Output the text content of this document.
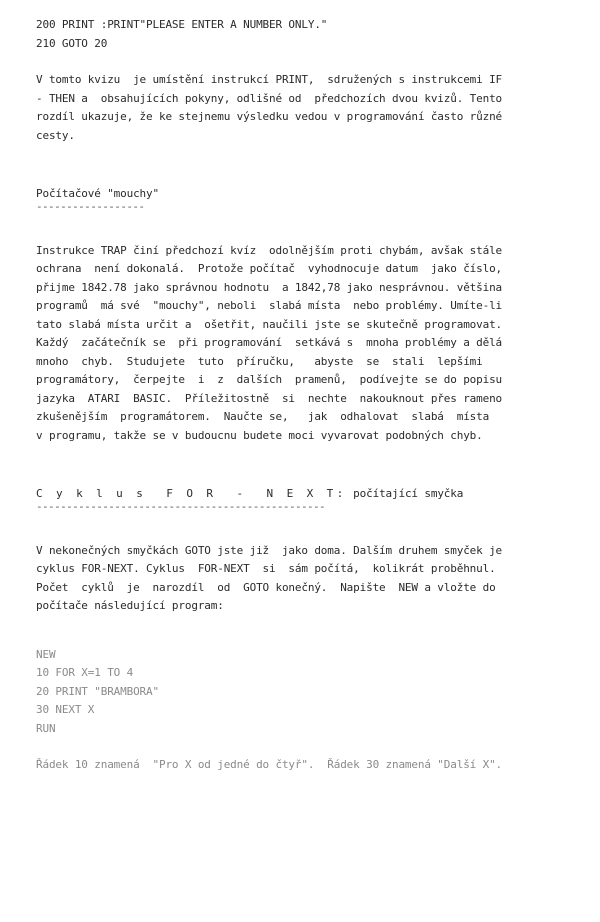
200 PRINT :PRINT"PLEASE ENTER A NUMBER ONLY."
210 GOTO 20
V tomto kvizu  je umístění instrukcí PRINT,  sdružených s instrukcemi IF
- THEN a  obsahujících pokyny, odlišné od  předchozích dvou kvizů. Tento
rozdíl ukazuje, že ke stejnemu výsledku vedou v programování často různé
cesty.
Počítačové "mouchy"
------------------
Instrukce TRAP činí předchozí kvíz  odolnějším proti chybám, avšak stále
ochrana  není dokonalá.  Protože počítač  vyhodnocuje datum  jako číslo,
přijme 1842.78 jako správnou hodnotu  a 1842,78 jako nesprávnou. většina
programů  má své  "mouchy", neboli  slabá místa  nebo problémy. Umíte-li
tato slabá místa určit a  ošetřit, naučili jste se skutečně programovat.
Každý  začátečník se  při programování  setkává s  mnoha problémy a dělá
mnoho  chyb.  Studujete  tuto  příručku,   abyste  se  stali  lepšími
programátory,  čerpejte  i  z  dalších  pramenů,  podívejte se do popisu
jazyka  ATARI  BASIC.  Příležitostně  si  nechte  nakouknout přes rameno
zkušenějším  programátorem.  Naučte se,   jak  odhalovat  slabá  místa
v programu, takže se v budoucnu budete moci vyvarovat podobných chyb.
C y k l u s  F O R  -  N E X T: počítající smyčka
------------------------------------------------
V nekonečných smyčkách GOTO jste již  jako doma. Dalším druhem smyček je
cyklus FOR-NEXT. Cyklus  FOR-NEXT  si  sám počítá,  kolikrát proběhnul.
Počet  cyklů  je  narozdíl  od  GOTO konečný.  Napište  NEW a vložte do
počítače následující program:
NEW
10 FOR X=1 TO 4
20 PRINT "BRAMBORA"
30 NEXT X
RUN
Řádek 10 znamená  "Pro X od jedné do čtyř".  Řádek 30 znamená "Další X".
